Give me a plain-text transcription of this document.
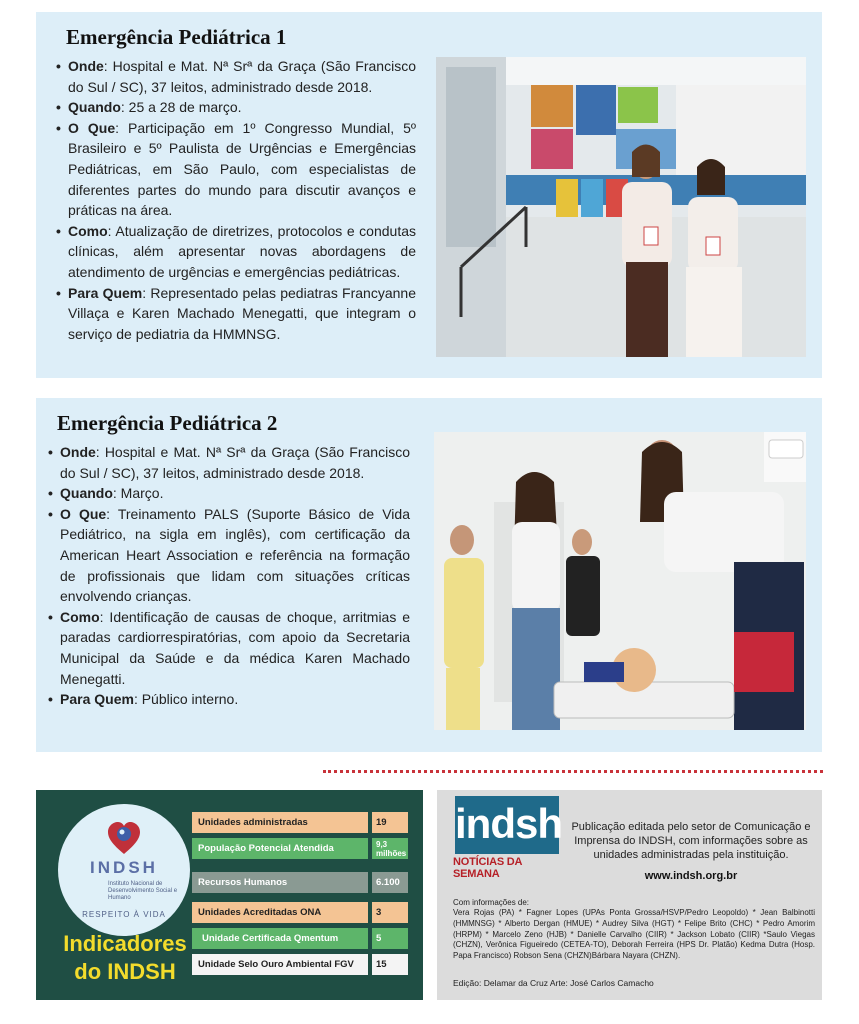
Emergência Pediátrica 1
• Onde: Hospital e Mat. Nª Srª da Graça (São Francisco do Sul / SC), 37 leitos, administrado desde 2018.
• Quando: 25 a 28 de março.
• O Que: Participação em 1º Congresso Mundial, 5º Brasileiro e 5º Paulista de Urgências e Emergências Pediátricas, em São Paulo, com especialistas de diferentes partes do mundo para discutir avanços e práticas na área.
• Como: Atualização de diretrizes, protocolos e condutas clínicas, além apresentar novas abordagens de atendimento de urgências e emergências pediátricas.
• Para Quem: Representado pelas pediatras Francyanne Villaça e Karen Machado Menegatti, que integram o serviço de pediatria da HMMNSG.
Emergência Pediátrica 2
• Onde: Hospital e Mat. Nª Srª da Graça (São Francisco do Sul / SC), 37 leitos, administrado desde 2018.
• Quando: Março.
• O Que: Treinamento PALS (Suporte Básico de Vida Pediátrico, na sigla em inglês), com certificação da American Heart Association e referência na formação de profissionais que lidam com situações críticas envolvendo crianças.
• Como: Identificação de causas de choque, arritmias e paradas cardiorrespiratórias, com apoio da Secretaria Municipal da Saúde e da médica Karen Machado Menegatti.
• Para Quem: Público interno.
INDSH
Instituto Nacional de Desenvolvimento Social e Humano
RESPEITO À VIDA
Indicadores
do INDSH
Unidades administradas	19
População Potencial Atendida	9,3 milhões
Recursos Humanos	6.100
Unidades Acreditadas ONA	3
Unidade Certificada Qmentum	5
Unidade Selo Ouro Ambiental FGV	15
indsh
NOTÍCIAS DA SEMANA
Publicação editada pelo setor de Comunicação e Imprensa do INDSH, com informações sobre as unidades administradas pela instituição.
www.indsh.org.br
Com informações de:
Vera Rojas (PA) * Fagner Lopes (UPAs Ponta Grossa/HSVP/Pedro Leopoldo) * Jean Balbinotti (HMMNSG) * Alberto Dergan (HMUE) * Audrey Silva (HGT) * Felipe Brito (CHC) * Pedro Amorim (HRPM) * Marcelo Zeno (HJB) * Danielle Carvalho (CIIR) * Jackson Lobato (CIIR) *Saulo Viegas (CHZN), Verônica Figueiredo (CETEA-TO), Deborah Ferreira (HPS Dr. Platão) Kedma Dutra (Hosp. Papa Francisco) Robson Sena (CHZN)Bárbara Nayara (CHZN).
Edição: Delamar da Cruz Arte: José Carlos Camacho
